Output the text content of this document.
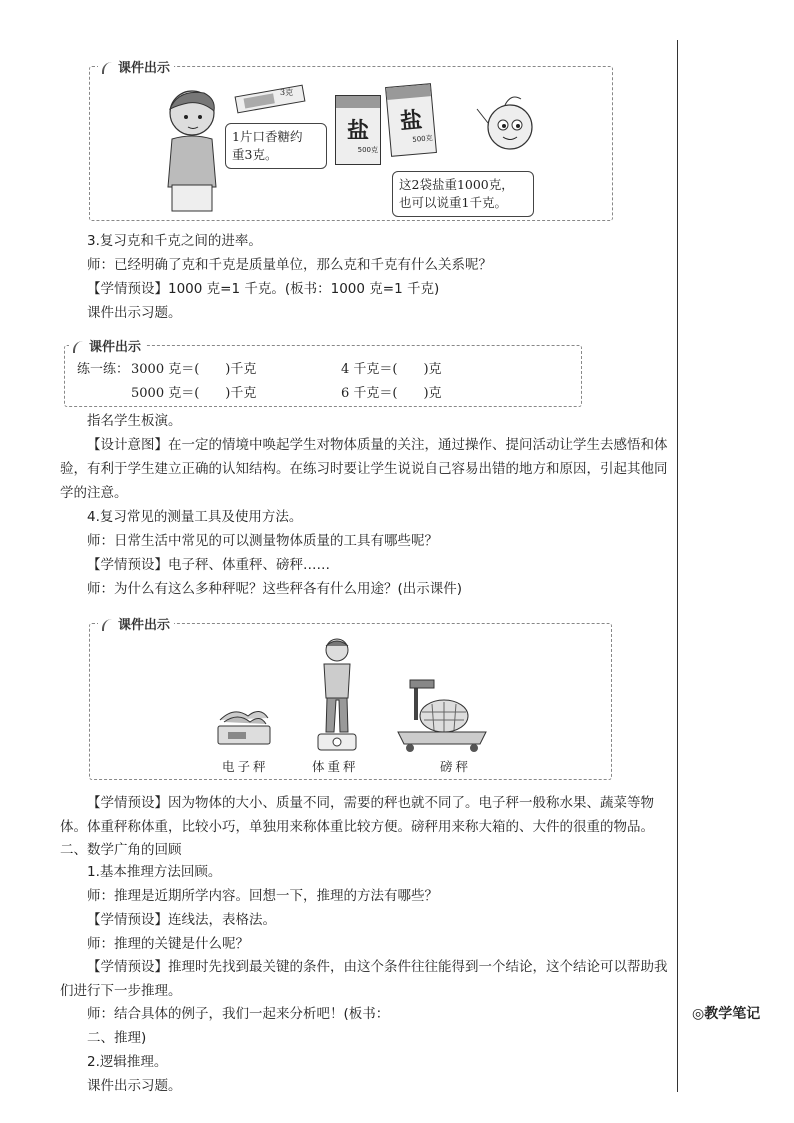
◎教学笔记
课件出示
1片口香糖约
重3克。
3克
盐
500克
盐
500克
这2袋盐重1000克，
也可以说重1千克。
3.复习克和千克之间的进率。
师：已经明确了克和千克是质量单位，那么克和千克有什么关系呢？
【学情预设】1000 克=1 千克。(板书：1000 克=1 千克)
课件出示习题。
课件出示
练一练： 3000 克＝(　　)千克	4 千克＝(　　)克
5000 克＝(　　)千克	6 千克＝(　　)克
指名学生板演。
【设计意图】在一定的情境中唤起学生对物体质量的关注，通过操作、提问活动让学生去感悟和体验，有利于学生建立正确的认知结构。在练习时要让学生说说自己容易出错的地方和原因，引起其他同学的注意。
4.复习常见的测量工具及使用方法。
师：日常生活中常见的可以测量物体质量的工具有哪些呢？
【学情预设】电子秤、体重秤、磅秤……
师：为什么有这么多种秤呢？这些秤各有什么用途？(出示课件)
课件出示
电子秤	体重秤	磅秤
【学情预设】因为物体的大小、质量不同，需要的秤也就不同了。电子秤一般称水果、蔬菜等物体。体重秤称体重，比较小巧，单独用来称体重比较方便。磅秤用来称大箱的、大件的很重的物品。
二、数学广角的回顾
1.基本推理方法回顾。
师：推理是近期所学内容。回想一下，推理的方法有哪些？
【学情预设】连线法，表格法。
师：推理的关键是什么呢？
【学情预设】推理时先找到最关键的条件，由这个条件往往能得到一个结论，这个结论可以帮助我们进行下一步推理。
师：结合具体的例子，我们一起来分析吧！(板书：
二、推理)
2.逻辑推理。
课件出示习题。
